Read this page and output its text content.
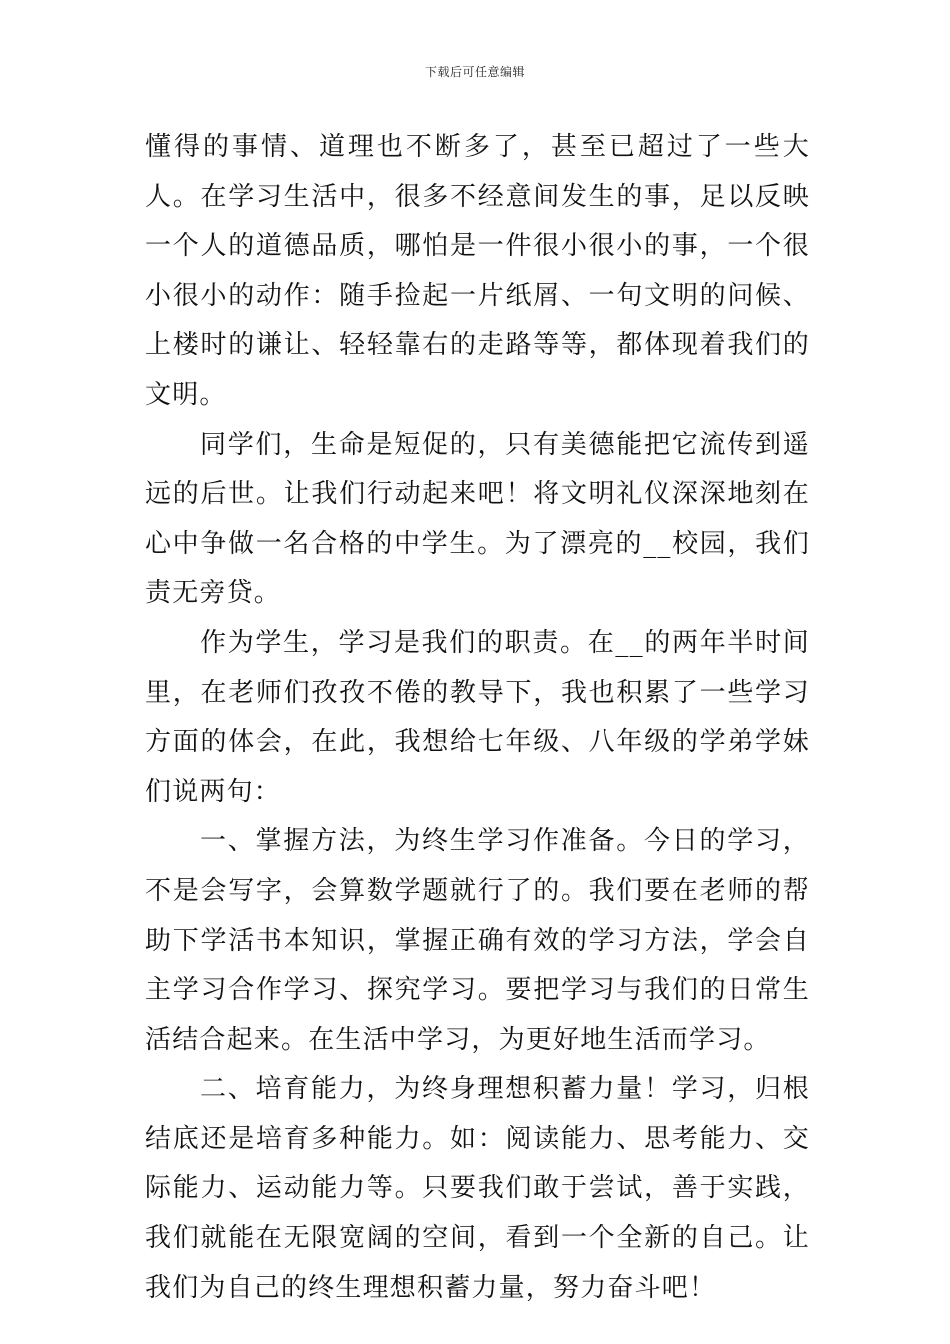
下载后可任意编辑

懂得的事情、道理也不断多了，甚至已超过了一些大人。在学习生活中，很多不经意间发生的事，足以反映一个人的道德品质，哪怕是一件很小很小的事，一个很小很小的动作：随手捡起一片纸屑、一句文明的问候、上楼时的谦让、轻轻靠右的走路等等，都体现着我们的文明。

同学们，生命是短促的，只有美德能把它流传到遥远的后世。让我们行动起来吧！将文明礼仪深深地刻在心中争做一名合格的中学生。为了漂亮的__校园，我们责无旁贷。

作为学生，学习是我们的职责。在__的两年半时间里，在老师们孜孜不倦的教导下，我也积累了一些学习方面的体会，在此，我想给七年级、八年级的学弟学妹们说两句：

一、掌握方法，为终生学习作准备。今日的学习，不是会写字，会算数学题就行了的。我们要在老师的帮助下学活书本知识，掌握正确有效的学习方法，学会自主学习合作学习、探究学习。要把学习与我们的日常生活结合起来。在生活中学习，为更好地生活而学习。

二、培育能力，为终身理想积蓄力量！学习，归根结底还是培育多种能力。如：阅读能力、思考能力、交际能力、运动能力等。只要我们敢于尝试，善于实践，我们就能在无限宽阔的空间，看到一个全新的自己。让我们为自己的终生理想积蓄力量，努力奋斗吧！
